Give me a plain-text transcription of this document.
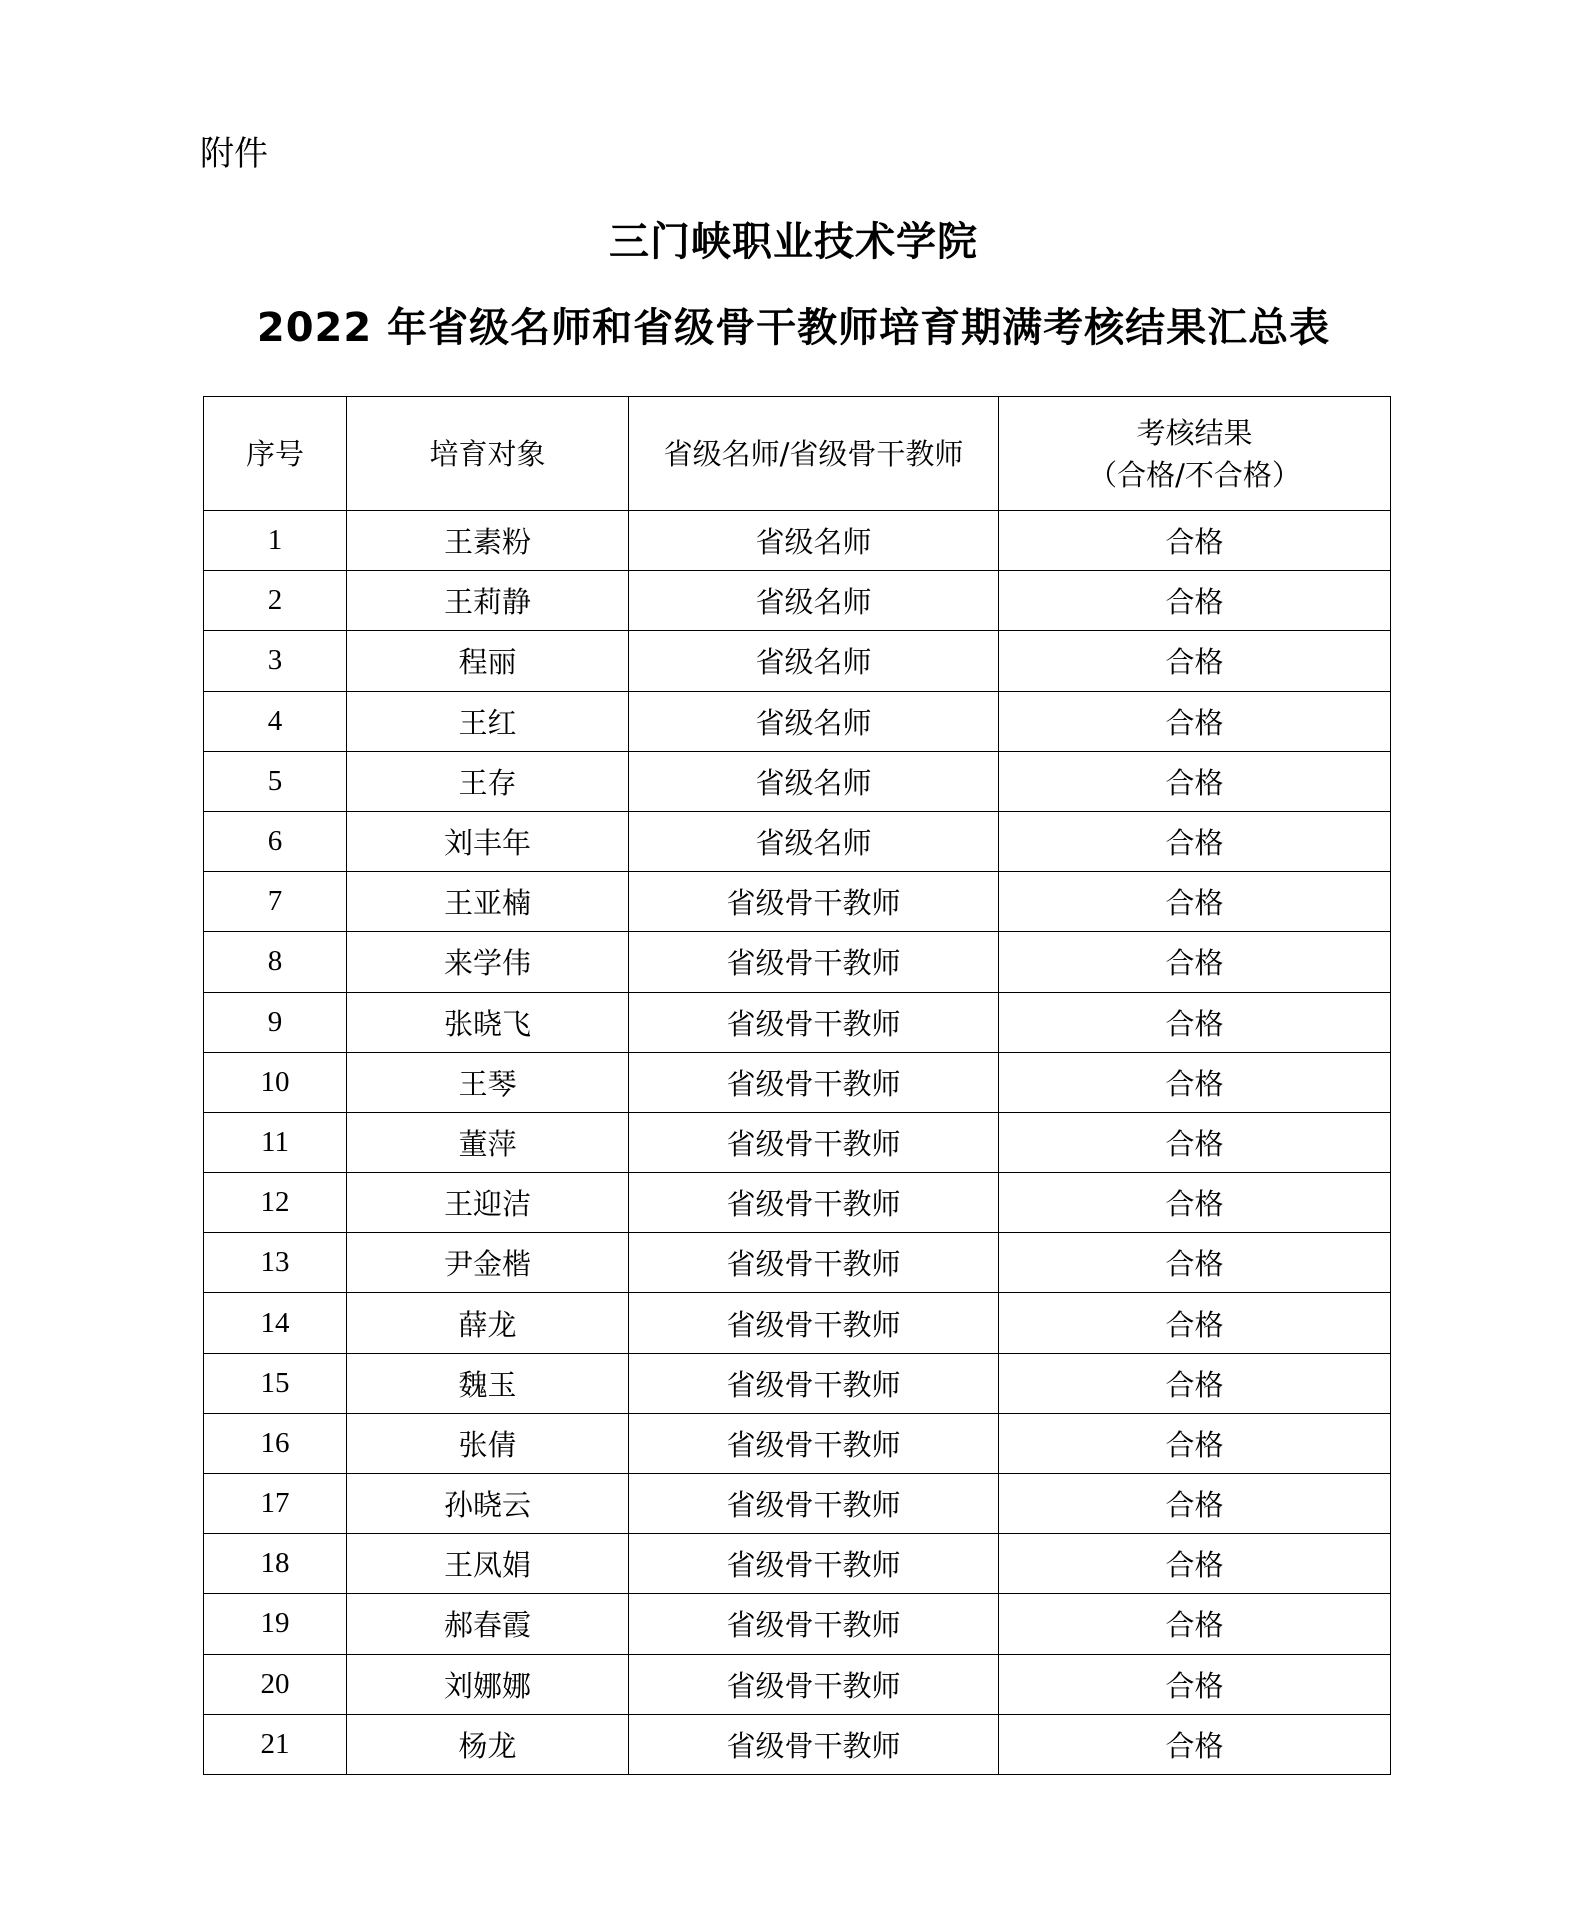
附件
三门峡职业技术学院
2022 年省级名师和省级骨干教师培育期满考核结果汇总表
序号	培育对象	省级名师/省级骨干教师	考核结果
（合格/不合格）

1	王素粉	省级名师	合格
2	王莉静	省级名师	合格
3	程丽	省级名师	合格
4	王红	省级名师	合格
5	王存	省级名师	合格
6	刘丰年	省级名师	合格
7	王亚楠	省级骨干教师	合格
8	来学伟	省级骨干教师	合格
9	张晓飞	省级骨干教师	合格
10	王琴	省级骨干教师	合格
11	董萍	省级骨干教师	合格
12	王迎洁	省级骨干教师	合格
13	尹金楷	省级骨干教师	合格
14	薛龙	省级骨干教师	合格
15	魏玉	省级骨干教师	合格
16	张倩	省级骨干教师	合格
17	孙晓云	省级骨干教师	合格
18	王凤娟	省级骨干教师	合格
19	郝春霞	省级骨干教师	合格
20	刘娜娜	省级骨干教师	合格
21	杨龙	省级骨干教师	合格
